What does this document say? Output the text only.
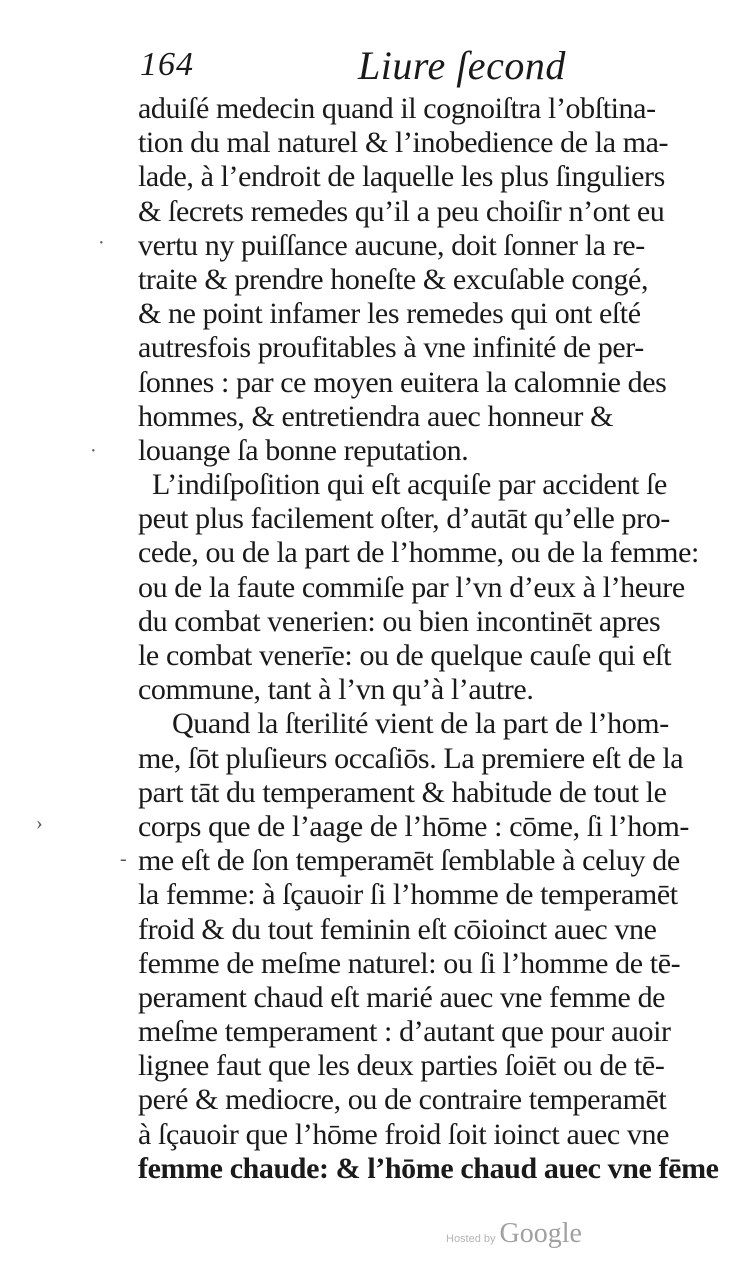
164	Liure ſecond
aduiſé medecin quand il cognoiſtra l’obſtina-
tion du mal naturel & l’inobedience de la ma-
lade, à l’endroit de laquelle les plus ſinguliers
& ſecrets remedes qu’il a peu choiſir n’ont eu
vertu ny puiſſance aucune, doit ſonner la re-
traite & prendre honeſte & excuſable congé,
& ne point infamer les remedes qui ont eſté
autresfois proufitables à vne infinité de per-
ſonnes : par ce moyen euitera la calomnie des
hommes, & entretiendra auec honneur &
louange ſa bonne reputation.
L’indiſpoſition qui eſt acquiſe par accident ſe
peut plus facilement oſter, d’autāt qu’elle pro-
cede, ou de la part de l’homme, ou de la femme:
ou de la faute commiſe par l’vn d’eux à l’heure
du combat venerien: ou bien incontinēt apres
le combat venerīe: ou de quelque cauſe qui eſt
commune, tant à l’vn qu’à l’autre.
Quand la ſterilité vient de la part de l’hom-
me, ſōt pluſieurs occaſiōs. La premiere eſt de la
part tāt du temperament & habitude de tout le
corps que de l’aage de l’hōme : cōme, ſi l’hom-
me eſt de ſon temperamēt ſemblable à celuy de
la femme: à ſçauoir ſi l’homme de temperamēt
froid & du tout feminin eſt cōioinct auec vne
femme de meſme naturel: ou ſi l’homme de tē-
perament chaud eſt marié auec vne femme de
meſme temperament : d’autant que pour auoir
lignee faut que les deux parties ſoiēt ou de tē-
peré & mediocre, ou de contraire temperamēt
à ſçauoir que l’hōme froid ſoit ioinct auec vne
femme chaude: & l’hōme chaud auec vne fēme
·
·
›
-
Hosted by Google
